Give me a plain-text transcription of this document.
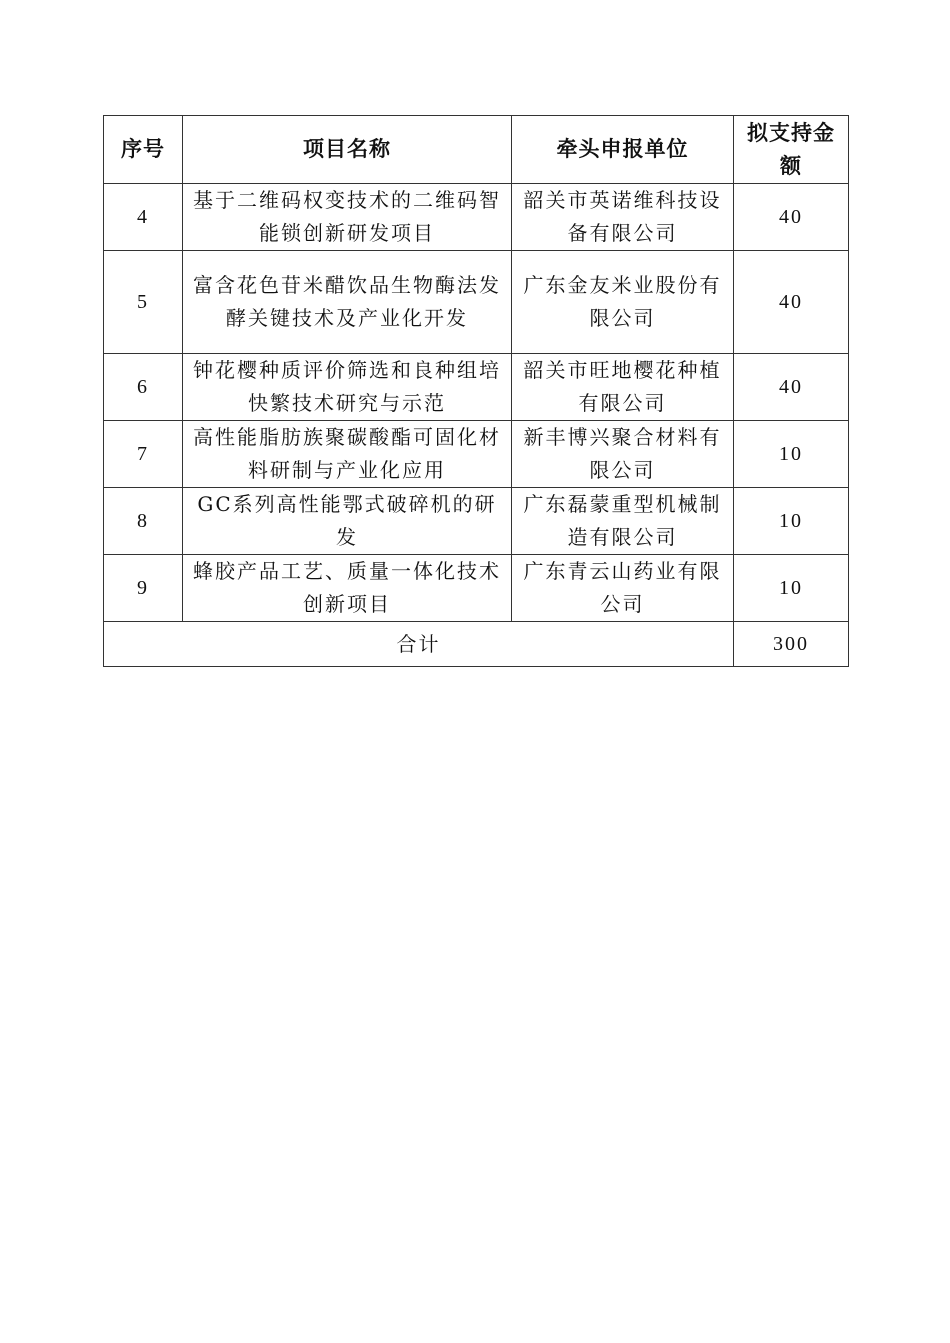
序号	项目名称	牵头申报单位	拟支持金额
4	基于二维码权变技术的二维码智能锁创新研发项目	韶关市英诺维科技设备有限公司	40
5	富含花色苷米醋饮品生物酶法发酵关键技术及产业化开发	广东金友米业股份有限公司	40
6	钟花樱种质评价筛选和良种组培快繁技术研究与示范	韶关市旺地樱花种植有限公司	40
7	高性能脂肪族聚碳酸酯可固化材料研制与产业化应用	新丰博兴聚合材料有限公司	10
8	GC系列高性能鄂式破碎机的研发	广东磊蒙重型机械制造有限公司	10
9	蜂胶产品工艺、质量一体化技术创新项目	广东青云山药业有限公司	10
合计			300
